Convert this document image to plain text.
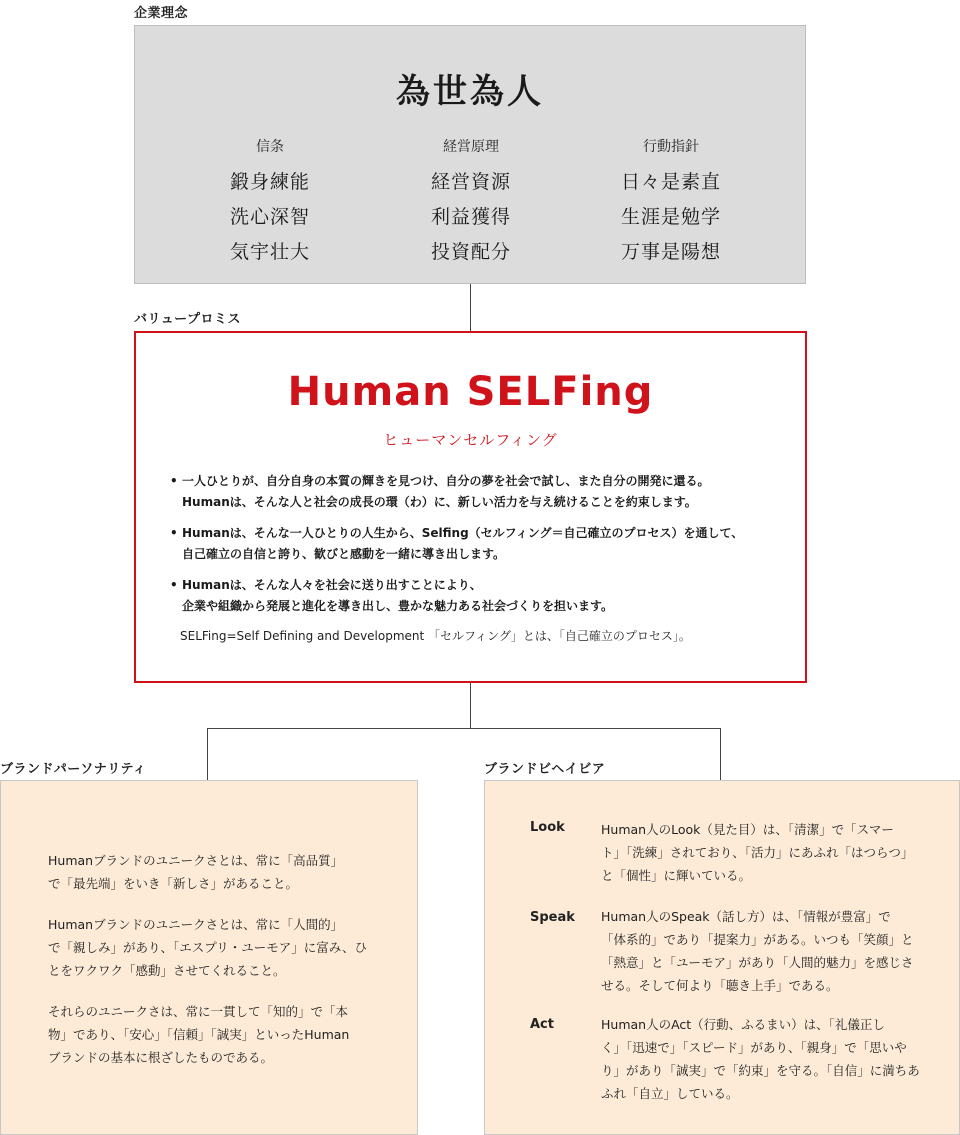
企業理念
為世為人
信条
鍛身練能
洗心深智
気宇壮大
経営原理
経営資源
利益獲得
投資配分
行動指針
日々是素直
生涯是勉学
万事是陽想
バリュープロミス
Human SELFing
ヒューマンセルフィング
• 一人ひとりが、自分自身の本質の輝きを見つけ、自分の夢を社会で試し、また自分の開発に還る。
Humanは、そんな人と社会の成長の環（わ）に、新しい活力を与え続けることを約束します。
• Humanは、そんな一人ひとりの人生から、Selfing（セルフィング＝自己確立のプロセス）を通して、
自己確立の自信と誇り、歓びと感動を一緒に導き出します。
• Humanは、そんな人々を社会に送り出すことにより、
企業や組織から発展と進化を導き出し、豊かな魅力ある社会づくりを担います。
SELFing=Self Defining and Development 「セルフィング」とは、「自己確立のプロセス」。
ブランドパーソナリティ
Humanブランドのユニークさとは、常に「高品質」
で「最先端」をいき「新しさ」があること。
Humanブランドのユニークさとは、常に「人間的」
で「親しみ」があり、「エスプリ・ユーモア」に富み、ひ
とをワクワク「感動」させてくれること。
それらのユニークさは、常に一貫して「知的」で「本
物」であり、「安心」「信頼」「誠実」といったHuman
ブランドの基本に根ざしたものである。
ブランドビヘイビア
Look	Human人のLook（見た目）は、「清潔」で「スマー
ト」「洗練」されており、「活力」にあふれ「はつらつ」
と「個性」に輝いている。
Speak Human人のSpeak（話し方）は、「情報が豊富」で
「体系的」であり「提案力」がある。いつも「笑顔」と
「熱意」と「ユーモア」があり「人間的魅力」を感じさ
せる。そして何より「聴き上手」である。
Act	Human人のAct（行動、ふるまい）は、「礼儀正し
く」「迅速で」「スピード」があり、「親身」で「思いや
り」があり「誠実」で「約束」を守る。「自信」に満ちあ
ふれ「自立」している。
